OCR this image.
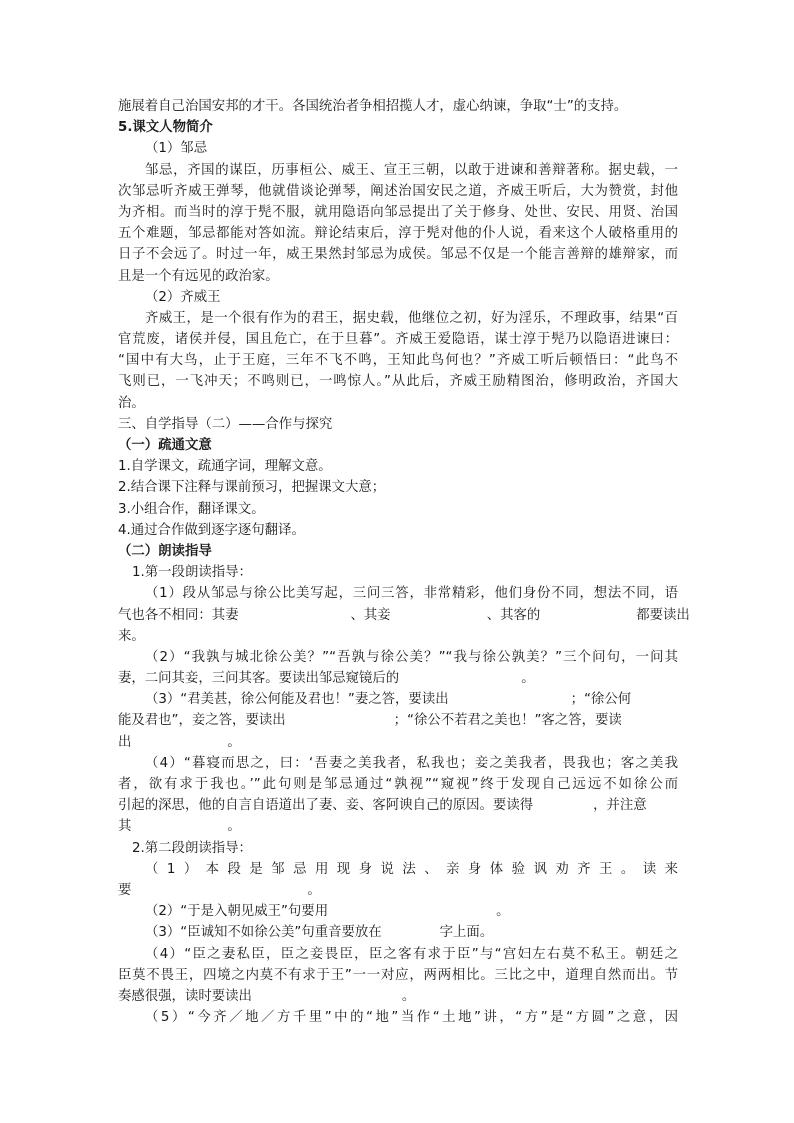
施展着自己治国安邦的才干。各国统治者争相招揽人才，虚心纳谏，争取“士”的支持。
5.课文人物简介
（1）邹忌
邹忌，齐国的谋臣，历事桓公、威王、宣王三朝，以敢于进谏和善辩著称。据史载，一
次邹忌听齐威王弹琴，他就借谈论弹琴，阐述治国安民之道，齐威王听后，大为赞赏，封他
为齐相。而当时的淳于髡不服，就用隐语向邹忌提出了关于修身、处世、安民、用贤、治国
五个难题，邹忌都能对答如流。辩论结束后，淳于髡对他的仆人说，看来这个人破格重用的
日子不会远了。时过一年，威王果然封邹忌为成侯。邹忌不仅是一个能言善辩的雄辩家，而
且是一个有远见的政治家。
（2）齐威王
齐威王，是一个很有作为的君王，据史载，他继位之初，好为淫乐，不理政事，结果“百
官荒废，诸侯并侵，国且危亡，在于旦暮”。齐威王爱隐语，谋士淳于髡乃以隐语进谏曰：
“国中有大鸟，止于王庭，三年不飞不鸣，王知此鸟何也？”齐威工听后顿悟曰：“此鸟不
飞则已，一飞冲天；不鸣则已，一鸣惊人。”从此后，齐威王励精图治，修明政治，齐国大
治。
三、自学指导（二）——合作与探究
（一）疏通文意
1.自学课文，疏通字词，理解文意。
2.结合课下注释与课前预习，把握课文大意；
3.小组合作，翻译课文。
4.通过合作做到逐字逐句翻译。
（二）朗读指导
1.第一段朗读指导：
（1）段从邹忌与徐公比美写起，三问三答，非常精彩，他们身份不同，想法不同，语
气也各不相同：其妻	、其妾	、其客的	都要读出
来。
（2）“我孰与城北徐公美？”“吾孰与徐公美？”“我与徐公孰美？”三个问句，一问其
妻，二问其妾，三问其客。要读出邹忌窥镜后的	。
（3）“君美甚，徐公何能及君也！”妻之答，要读出	；“徐公何
能及君也”，妾之答，要读出	；“徐公不若君之美也！”客之答，要读
出	。
（4）“暮寝而思之，曰：‘吾妻之美我者，私我也；妾之美我者，畏我也；客之美我
者，欲有求于我也。’”此句则是邹忌通过“孰视”“窥视”终于发现自己远远不如徐公而
引起的深思，他的自言自语道出了妻、妾、客阿谀自己的原因。要读得	，并注意
其	。
2.第二段朗读指导：
（1）本段是邹忌用现身说法、亲身体验讽劝齐王。读来
要	。
（2）“于是入朝见威王”句要用	。
（3）“臣诚知不如徐公美”句重音要放在	字上面。
（4）“臣之妻私臣，臣之妾畏臣，臣之客有求于臣”与“宫妇左右莫不私王。朝廷之
臣莫不畏王，四境之内莫不有求于王”一一对应，两两相比。三比之中，道理自然而出。节
奏感很强，读时要读出	。
（5）“今齐／地／方千里”中的“地”当作“土地”讲，“方”是“方圆”之意，因
